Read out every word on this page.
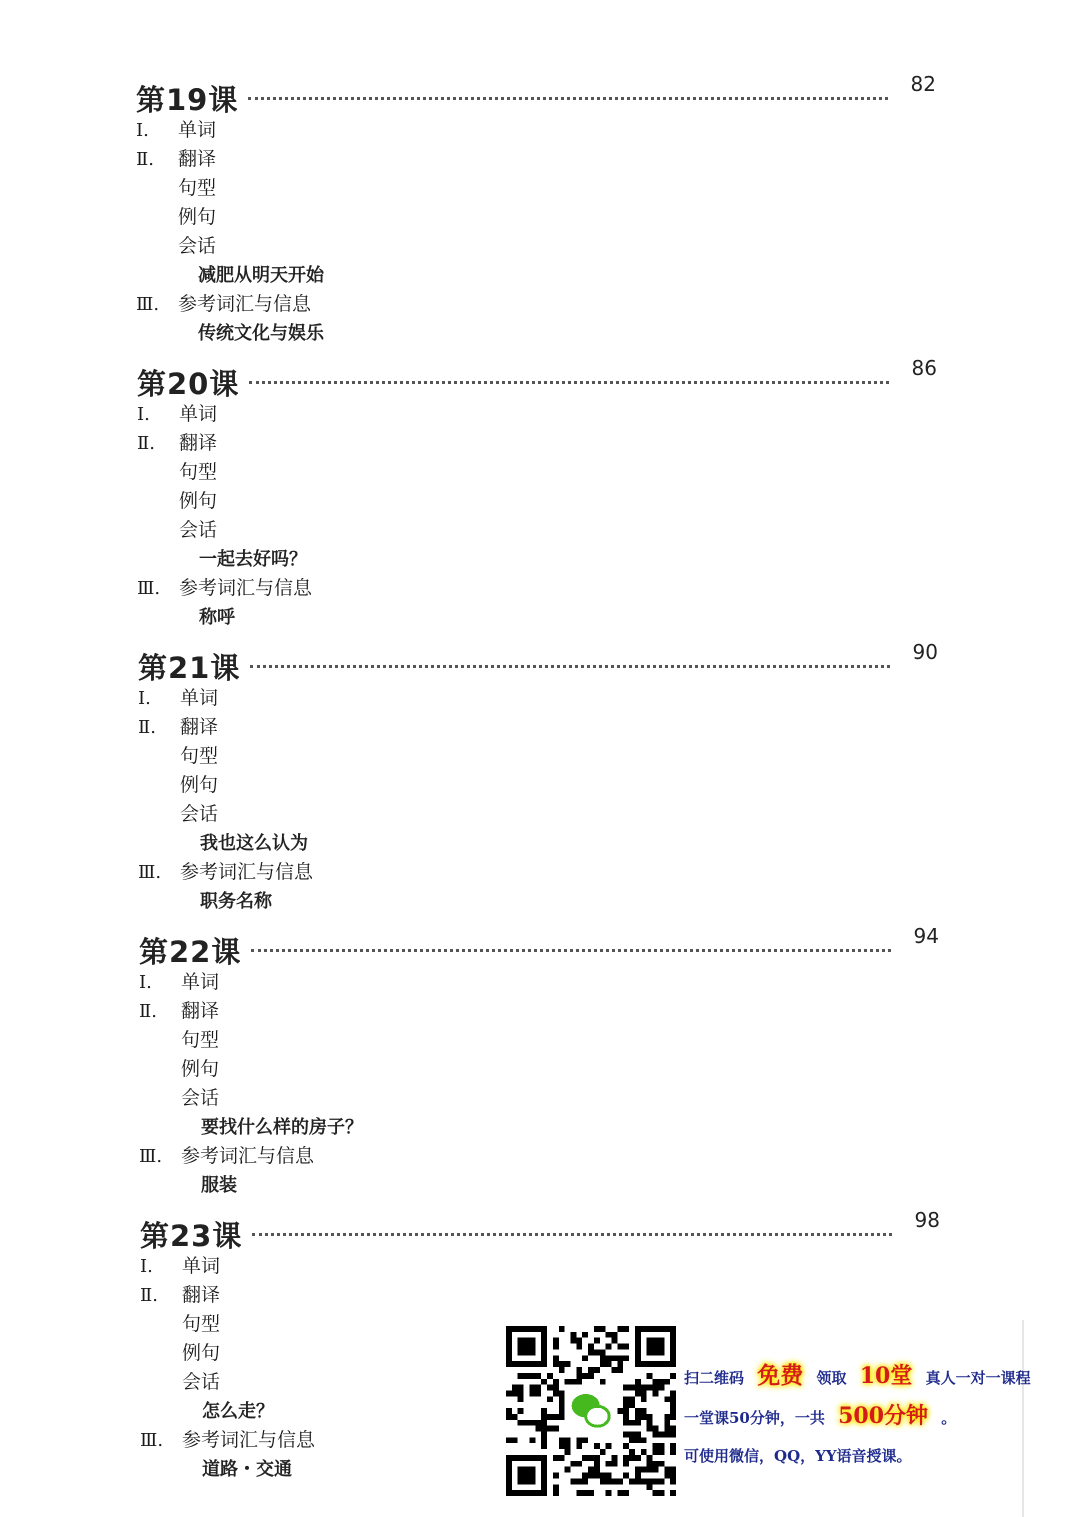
第19课	82
Ⅰ. 单词
Ⅱ. 翻译
句型
例句
会话
减肥从明天开始
Ⅲ. 参考词汇与信息
传统文化与娱乐
第20课	86
Ⅰ. 单词
Ⅱ. 翻译
句型
例句
会话
一起去好吗？
Ⅲ. 参考词汇与信息
称呼
第21课	90
Ⅰ. 单词
Ⅱ. 翻译
句型
例句
会话
我也这么认为
Ⅲ. 参考词汇与信息
职务名称
第22课	94
Ⅰ. 单词
Ⅱ. 翻译
句型
例句
会话
要找什么样的房子？
Ⅲ. 参考词汇与信息
服装
第23课	98
Ⅰ. 单词
Ⅱ. 翻译
句型
例句
会话
怎么走？
Ⅲ. 参考词汇与信息
道路・交通
扫二维码 免费 领取 10堂 真人一对一课程
一堂课50分钟，一共 500分钟 。
可使用微信，QQ，YY语音授课。
